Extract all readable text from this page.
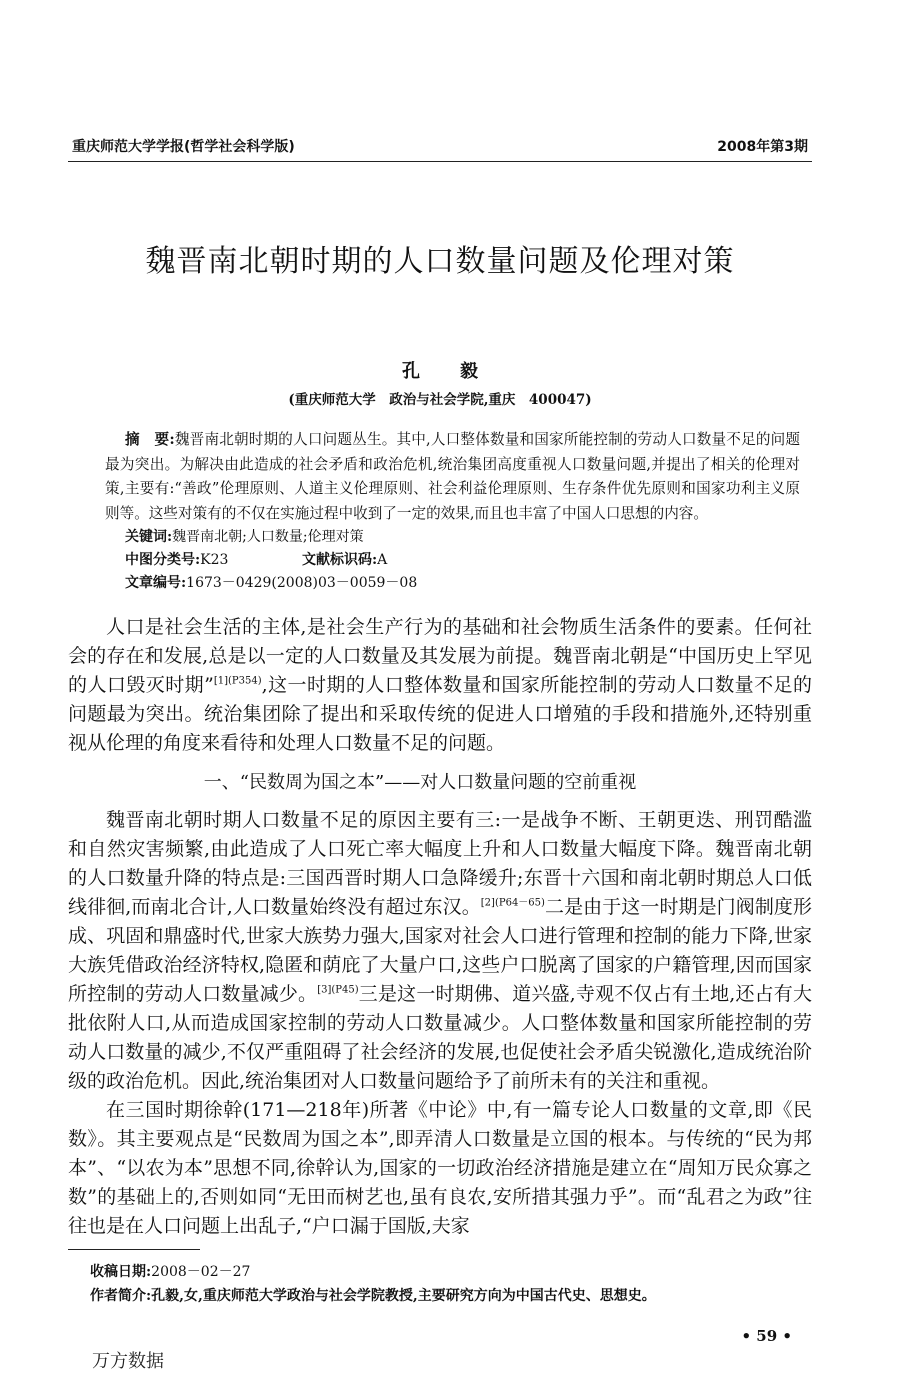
重庆师范大学学报(哲学社会科学版)	2008年第3期
魏晋南北朝时期的人口数量问题及伦理对策
孔毅
(重庆师范大学　政治与社会学院,重庆　400047)
摘　要:魏晋南北朝时期的人口问题丛生。其中,人口整体数量和国家所能控制的劳动人口数量不足的问题最为突出。为解决由此造成的社会矛盾和政治危机,统治集团高度重视人口数量问题,并提出了相关的伦理对策,主要有:“善政”伦理原则、人道主义伦理原则、社会利益伦理原则、生存条件优先原则和国家功利主义原则等。这些对策有的不仅在实施过程中收到了一定的效果,而且也丰富了中国人口思想的内容。
关键词:魏晋南北朝;人口数量;伦理对策
中图分类号:K23	文献标识码:A
文章编号:1673－0429(2008)03－0059－08
人口是社会生活的主体,是社会生产行为的基础和社会物质生活条件的要素。任何社会的存在和发展,总是以一定的人口数量及其发展为前提。魏晋南北朝是“中国历史上罕见的人口毁灭时期”$^{[1](P354)}$,这一时期的人口整体数量和国家所能控制的劳动人口数量不足的问题最为突出。统治集团除了提出和采取传统的促进人口增殖的手段和措施外,还特别重视从伦理的角度来看待和处理人口数量不足的问题。
一、“民数周为国之本”——对人口数量问题的空前重视
魏晋南北朝时期人口数量不足的原因主要有三:一是战争不断、王朝更迭、刑罚酷滥和自然灾害频繁,由此造成了人口死亡率大幅度上升和人口数量大幅度下降。魏晋南北朝的人口数量升降的特点是:三国西晋时期人口急降缓升;东晋十六国和南北朝时期总人口低线徘徊,而南北合计,人口数量始终没有超过东汉。$^{[2](P64-65)}$二是由于这一时期是门阀制度形成、巩固和鼎盛时代,世家大族势力强大,国家对社会人口进行管理和控制的能力下降,世家大族凭借政治经济特权,隐匿和荫庇了大量户口,这些户口脱离了国家的户籍管理,因而国家所控制的劳动人口数量减少。$^{[3](P45)}$三是这一时期佛、道兴盛,寺观不仅占有土地,还占有大批依附人口,从而造成国家控制的劳动人口数量减少。人口整体数量和国家所能控制的劳动人口数量的减少,不仅严重阻碍了社会经济的发展,也促使社会矛盾尖锐激化,造成统治阶级的政治危机。因此,统治集团对人口数量问题给予了前所未有的关注和重视。
在三国时期徐幹(171—218年)所著《中论》中,有一篇专论人口数量的文章,即《民数》。其主要观点是“民数周为国之本”,即弄清人口数量是立国的根本。与传统的“民为邦本”、“以农为本”思想不同,徐幹认为,国家的一切政治经济措施是建立在“周知万民众寡之数”的基础上的,否则如同“无田而树艺也,虽有良农,安所措其强力乎”。而“乱君之为政”往往也是在人口问题上出乱子,“户口漏于国版,夫家
收稿日期:2008－02－27
作者简介:孔毅,女,重庆师范大学政治与社会学院教授,主要研究方向为中国古代史、思想史。
• 59 •
万方数据
